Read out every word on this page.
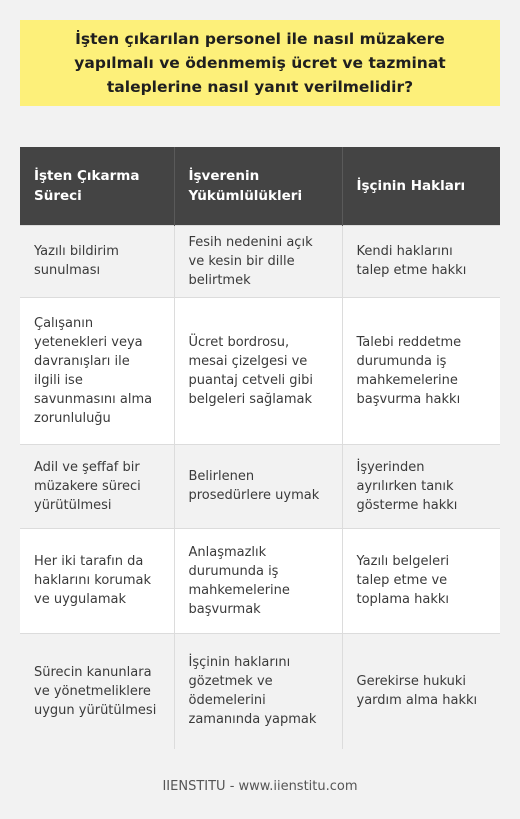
İşten çıkarılan personel ile nasıl müzakere yapılmalı ve ödenmemiş ücret ve tazminat taleplerine nasıl yanıt verilmelidir?
İşten Çıkarma Süreci	İşverenin Yükümlülükleri	İşçinin Hakları
Yazılı bildirim sunulması	Fesih nedenini açık ve kesin bir dille belirtmek	Kendi haklarını talep etme hakkı
Çalışanın yetenekleri veya davranışları ile ilgili ise savunmasını alma zorunluluğu	Ücret bordrosu, mesai çizelgesi ve puantaj cetveli gibi belgeleri sağlamak	Talebi reddetme durumunda iş mahkemelerine başvurma hakkı
Adil ve şeffaf bir müzakere süreci yürütülmesi	Belirlenen prosedürlere uymak	İşyerinden ayrılırken tanık gösterme hakkı
Her iki tarafın da haklarını korumak ve uygulamak	Anlaşmazlık durumunda iş mahkemelerine başvurmak	Yazılı belgeleri talep etme ve toplama hakkı
Sürecin kanunlara ve yönetmeliklere uygun yürütülmesi	İşçinin haklarını gözetmek ve ödemelerini zamanında yapmak	Gerekirse hukuki yardım alma hakkı
IIENSTITU - www.iienstitu.com
